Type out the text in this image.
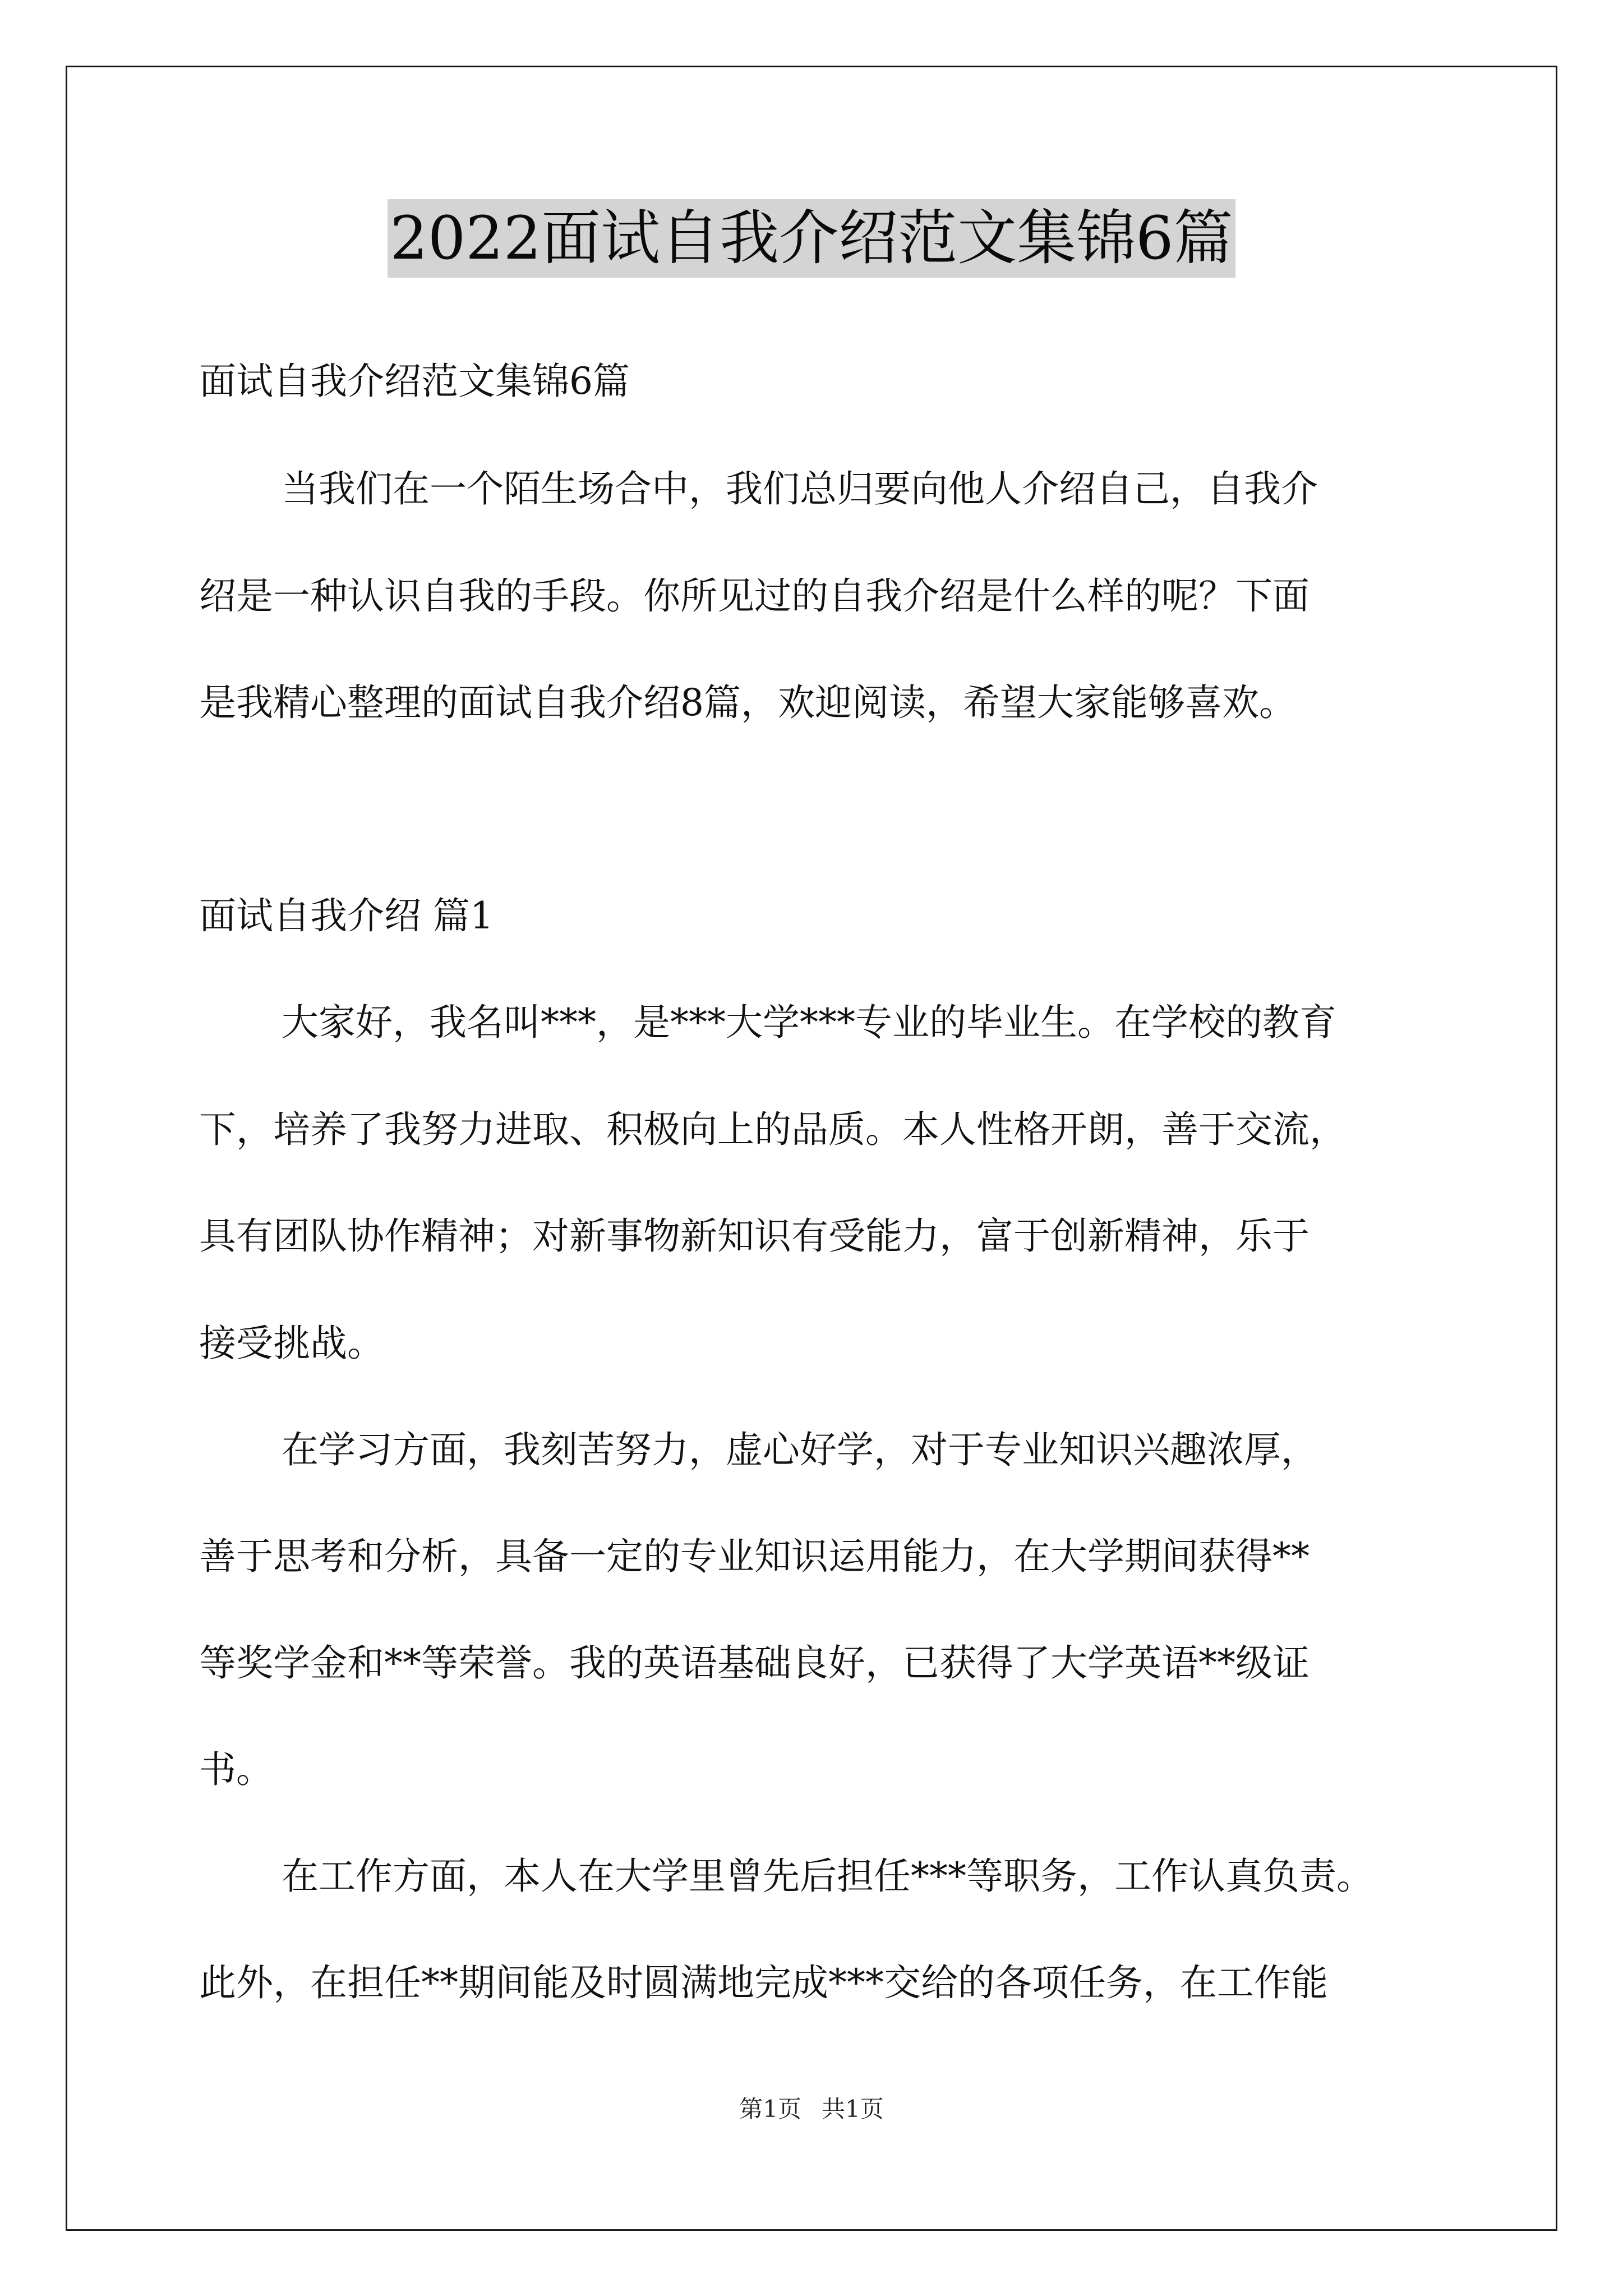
2022面试自我介绍范文集锦6篇

面试自我介绍范文集锦6篇

当我们在一个陌生场合中，我们总归要向他人介绍自己，自我介

绍是一种认识自我的手段。你所见过的自我介绍是什么样的呢？下面

是我精心整理的面试自我介绍8篇，欢迎阅读，希望大家能够喜欢。

面试自我介绍 篇1

大家好，我名叫***，是***大学***专业的毕业生。在学校的教育

下，培养了我努力进取、积极向上的品质。本人性格开朗，善于交流，

具有团队协作精神；对新事物新知识有受能力，富于创新精神，乐于

接受挑战。

在学习方面，我刻苦努力，虚心好学，对于专业知识兴趣浓厚，

善于思考和分析，具备一定的专业知识运用能力，在大学期间获得**

等奖学金和**等荣誉。我的英语基础良好，已获得了大学英语**级证

书。

在工作方面，本人在大学里曾先后担任***等职务，工作认真负责。

此外，在担任**期间能及时圆满地完成***交给的各项任务，在工作能

第1页 共1页
